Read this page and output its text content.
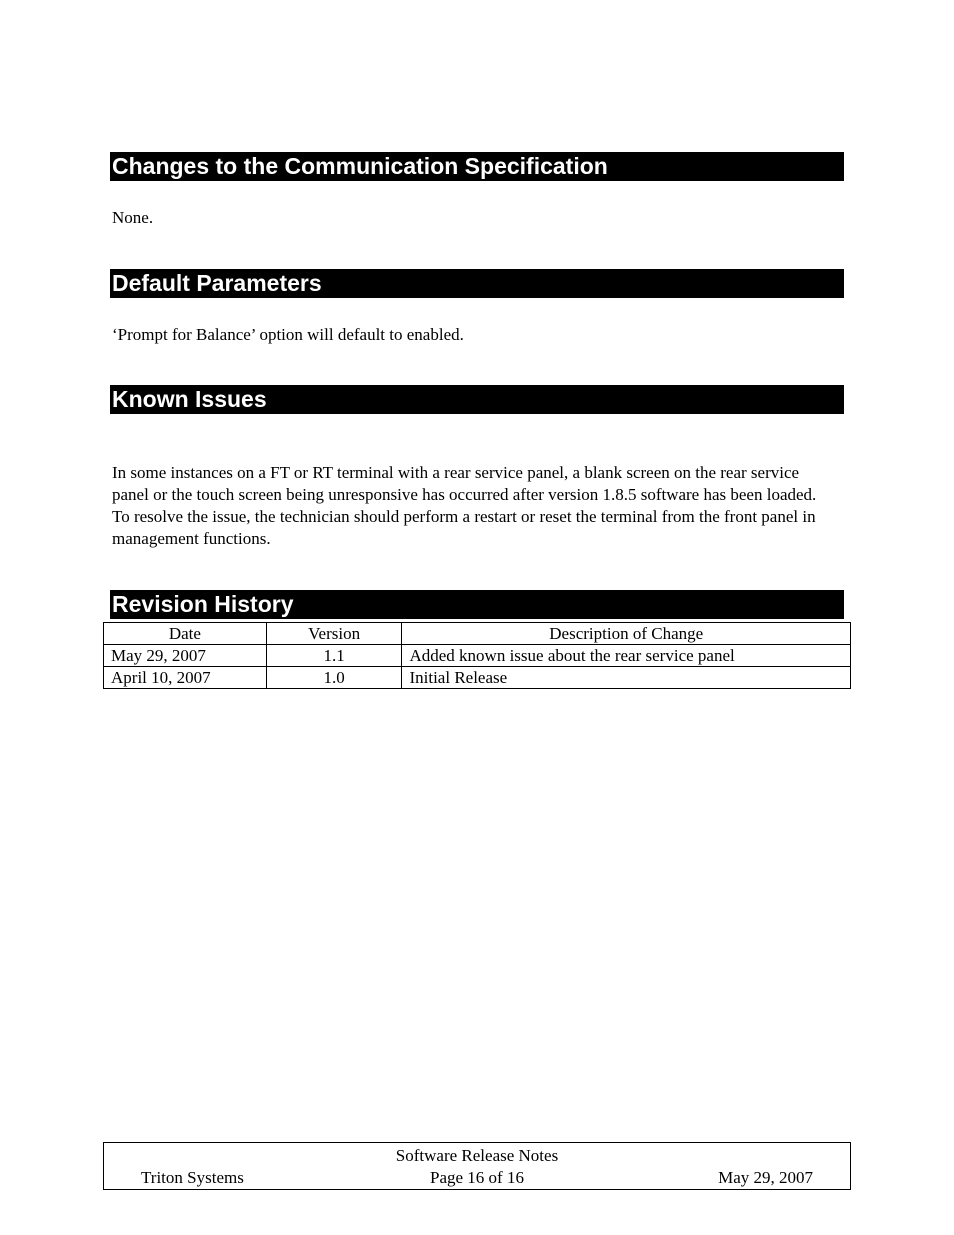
Changes to the Communication Specification
None.
Default Parameters
‘Prompt for Balance’ option will default to enabled.
Known Issues
In some instances on a FT or RT terminal with a rear service panel, a blank screen on the rear service panel or the touch screen being unresponsive has occurred after version 1.8.5 software has been loaded. To resolve the issue, the technician should perform a restart or reset the terminal from the front panel in management functions.
Revision History
Date	Version	Description of Change
May 29, 2007	1.1	Added known issue about the rear service panel
April 10, 2007	1.0	Initial Release
Software Release Notes
Triton Systems	Page 16 of 16	May 29, 2007
